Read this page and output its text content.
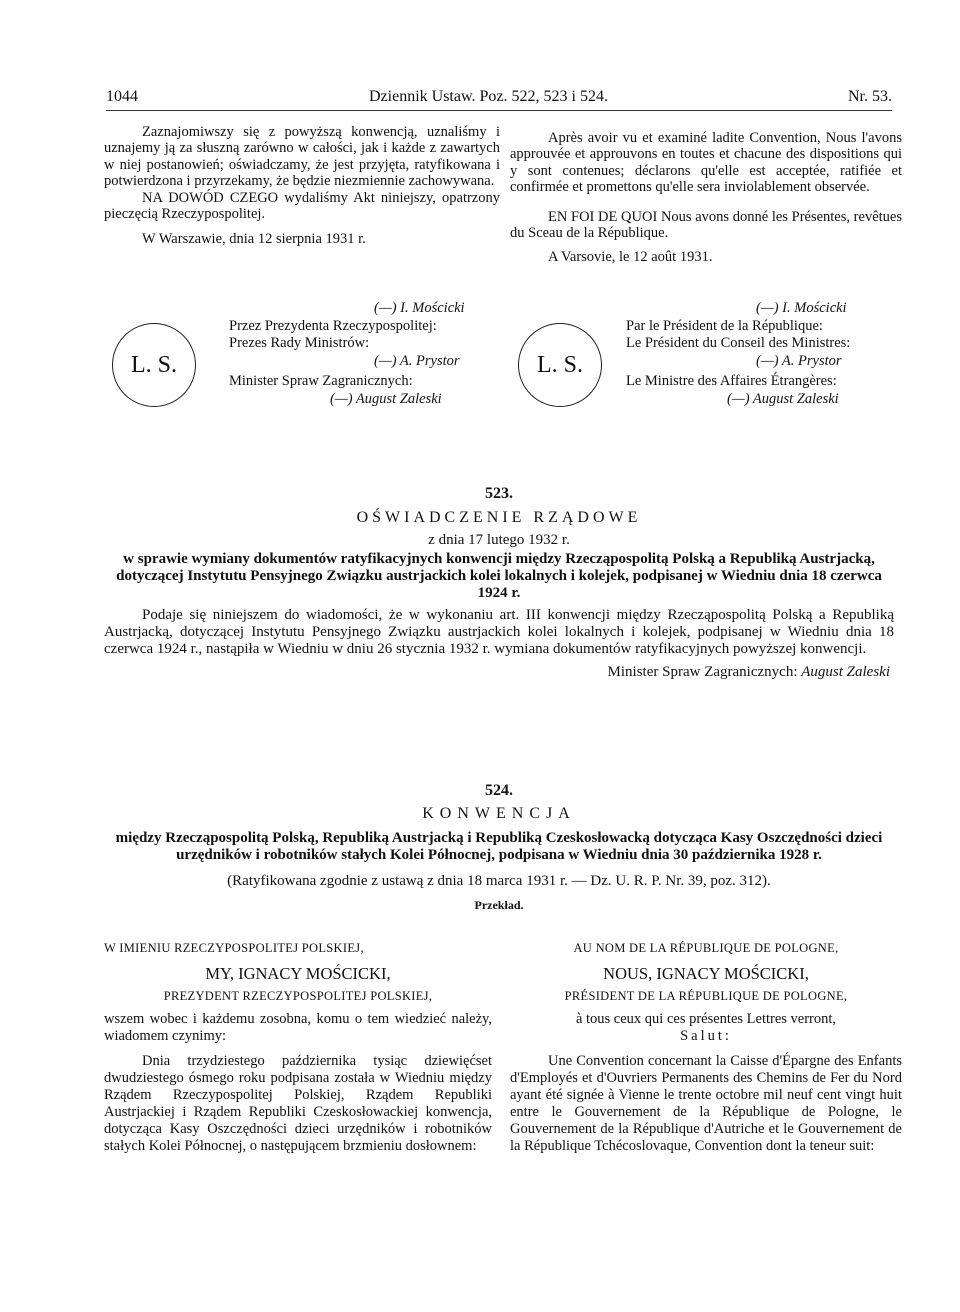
1044	Dziennik Ustaw. Poz. 522, 523 i 524.	Nr. 53.

Zaznajomiwszy się z powyższą konwencją, uznaliśmy i uznajemy ją za słuszną zarówno w całości, jak i każde z zawartych w niej postanowień; oświadczamy, że jest przyjęta, ratyfikowana i potwierdzona i przyrzekamy, że będzie niezmiennie zachowywana.

NA DOWÓD CZEGO wydaliśmy Akt niniejszy, opatrzony pieczęcią Rzeczypospolitej.

W Warszawie, dnia 12 sierpnia 1931 r.

L. S.
(—) I. Mościcki
Przez Prezydenta Rzeczypospolitej:
Prezes Rady Ministrów:
(—) A. Prystor
Minister Spraw Zagranicznych:
(—) August Zaleski

Après avoir vu et examiné ladite Convention, Nous l'avons approuvée et approuvons en toutes et chacune des dispositions qui y sont contenues; déclarons qu'elle est acceptée, ratifiée et confirmée et promettons qu'elle sera inviolablement observée.

EN FOI DE QUOI Nous avons donné les Présentes, revêtues du Sceau de la République.

A Varsovie, le 12 août 1931.

L. S.
(—) I. Mościcki
Par le Président de la République:
Le Président du Conseil des Ministres:
(—) A. Prystor
Le Ministre des Affaires Étrangères:
(—) August Zaleski

523.

OŚWIADCZENIE RZĄDOWE

z dnia 17 lutego 1932 r.

w sprawie wymiany dokumentów ratyfikacyjnych konwencji między Rzecząpospolitą Polską a Republiką Austrjacką, dotyczącej Instytutu Pensyjnego Związku austrjackich kolei lokalnych i kolejek, podpisanej w Wiedniu dnia 18 czerwca 1924 r.

Podaje się niniejszem do wiadomości, że w wykonaniu art. III konwencji między Rzecząpospolitą Polską a Republiką Austrjacką, dotyczącej Instytutu Pensyjnego Związku austrjackich kolei lokalnych i kolejek, podpisanej w Wiedniu dnia 18 czerwca 1924 r., nastąpiła w Wiedniu w dniu 26 stycznia 1932 r. wymiana dokumentów ratyfikacyjnych powyższej konwencji.

Minister Spraw Zagranicznych: August Zaleski

524.

KONWENCJA

między Rzecząpospolitą Polską, Republiką Austrjacką i Republiką Czeskosłowacką dotycząca Kasy Oszczędności dzieci urzędników i robotników stałych Kolei Północnej, podpisana w Wiedniu dnia 30 października 1928 r.

(Ratyfikowana zgodnie z ustawą z dnia 18 marca 1931 r. — Dz. U. R. P. Nr. 39, poz. 312).

Przekład.

W IMIENIU RZECZYPOSPOLITEJ POLSKIEJ,

MY, IGNACY MOŚCICKI,

PREZYDENT RZECZYPOSPOLITEJ POLSKIEJ,

wszem wobec i każdemu zosobna, komu o tem wiedzieć należy, wiadomem czynimy:

Dnia trzydziestego października tysiąc dziewięćset dwudziestego ósmego roku podpisana została w Wiedniu między Rządem Rzeczypospolitej Polskiej, Rządem Republiki Austrjackiej i Rządem Republiki Czeskosłowackiej konwencja, dotycząca Kasy Oszczędności dzieci urzędników i robotników stałych Kolei Północnej, o następującem brzmieniu dosłownem:

AU NOM DE LA RÉPUBLIQUE DE POLOGNE,

NOUS, IGNACY MOŚCICKI,

PRÉSIDENT DE LA RÉPUBLIQUE DE POLOGNE,

à tous ceux qui ces présentes Lettres verront,

Salut:

Une Convention concernant la Caisse d'Épargne des Enfants d'Employés et d'Ouvriers Permanents des Chemins de Fer du Nord ayant été signée à Vienne le trente octobre mil neuf cent vingt huit entre le Gouvernement de la République de Pologne, le Gouvernement de la République d'Autriche et le Gouvernement de la République Tchécoslovaque, Convention dont la teneur suit:
